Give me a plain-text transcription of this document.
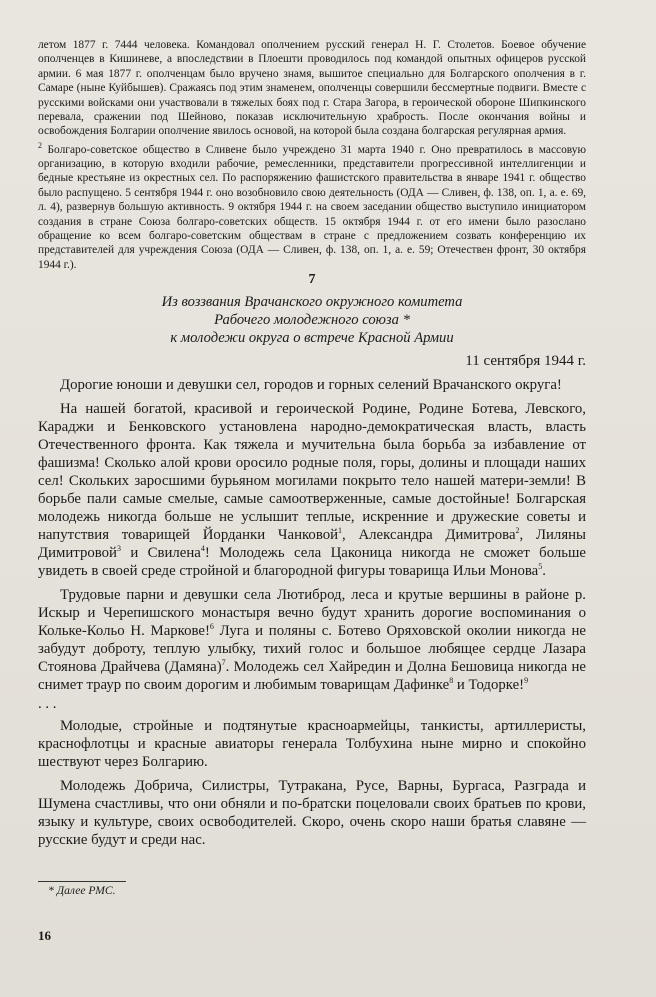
летом 1877 г. 7444 человека. Командовал ополчением русский генерал Н. Г. Столетов. Боевое обучение ополченцев в Кишиневе, а впоследствии в Плоешти проводилось под командой опытных офицеров русской армии. 6 мая 1877 г. ополченцам было вручено знамя, вышитое специально для Болгарского ополчения в г. Самаре (ныне Куйбышев). Сражаясь под этим знаменем, ополченцы совершили бессмертные подвиги. Вместе с русскими войсками они участвовали в тяжелых боях под г. Стара Загора, в героической обороне Шипкинского перевала, сражении под Шейново, показав исключительную храбрость. После окончания войны и освобождения Болгарии ополчение явилось основой, на которой была создана болгарская регулярная армия.

$^2$ Болгаро-советское общество в Сливене было учреждено 31 марта 1940 г. Оно превратилось в массовую организацию, в которую входили рабочие, ремесленники, представители прогрессивной интеллигенции и бедные крестьяне из окрестных сел. По распоряжению фашистского правительства в январе 1941 г. общество было распущено. 5 сентября 1944 г. оно возобновило свою деятельность (ОДА — Сливен, ф. 138, оп. 1, а. е. 69, л. 4), развернув большую активность. 9 октября 1944 г. на своем заседании общество выступило инициатором создания в стране Союза болгаро-советских обществ. 15 октября 1944 г. от его имени было разослано обращение ко всем болгаро-советским обществам в стране с предложением созвать конференцию их представителей для учреждения Союза (ОДА — Сливен, ф. 138, оп. 1, а. е. 59; Отечествен фронт, 30 октября 1944 г.).

7
Из воззвания Врачанского окружного комитета
Рабочего молодежного союза *
к молодежи округа о встрече Красной Армии
11 сентября 1944 г.

Дорогие юноши и девушки сел, городов и горных селений Врачанского округа!

На нашей богатой, красивой и героической Родине, Родине Ботева, Левского, Караджи и Бенковского установлена народно-демократическая власть, власть Отечественного фронта. Как тяжела и мучительна была борьба за избавление от фашизма! Сколько алой крови оросило родные поля, горы, долины и площади наших сел! Скольких заросшими бурьяном могилами покрыто тело нашей матери-земли! В борьбе пали самые смелые, самые самоотверженные, самые достойные! Болгарская молодежь никогда больше не услышит теплые, искренние и дружеские советы и напутствия товарищей Йорданки Чанковой$^1$, Александра Димитрова$^2$, Лиляны Димитровой$^3$ и Свилена$^4$! Молодежь села Цаконица никогда не сможет больше увидеть в своей среде стройной и благородной фигуры товарища Ильи Монова$^5$.

Трудовые парни и девушки села Лютиброд, леса и крутые вершины в районе р. Искыр и Черепишского монастыря вечно будут хранить дорогие воспоминания о Кольке-Кольо Н. Маркове!$^6$ Луга и поляны с. Ботево Оряховской околии никогда не забудут доброту, теплую улыбку, тихий голос и большое любящее сердце Лазара Стоянова Драйчева (Дамяна)$^7$. Молодежь сел Хайредин и Долна Бешовица никогда не снимет траур по своим дорогим и любимым товарищам Дафинке$^8$ и Тодорке!$^9$

. . .

Молодые, стройные и подтянутые красноармейцы, танкисты, артиллеристы, краснофлотцы и красные авиаторы генерала Толбухина ныне мирно и спокойно шествуют через Болгарию.

Молодежь Добрича, Силистры, Тутракана, Русе, Варны, Бургаса, Разграда и Шумена счастливы, что они обняли и по-братски поцеловали своих братьев по крови, языку и культуре, своих освободителей. Скоро, очень скоро наши братья славяне — русские будут и среди нас.

* Далее РМС.
16
